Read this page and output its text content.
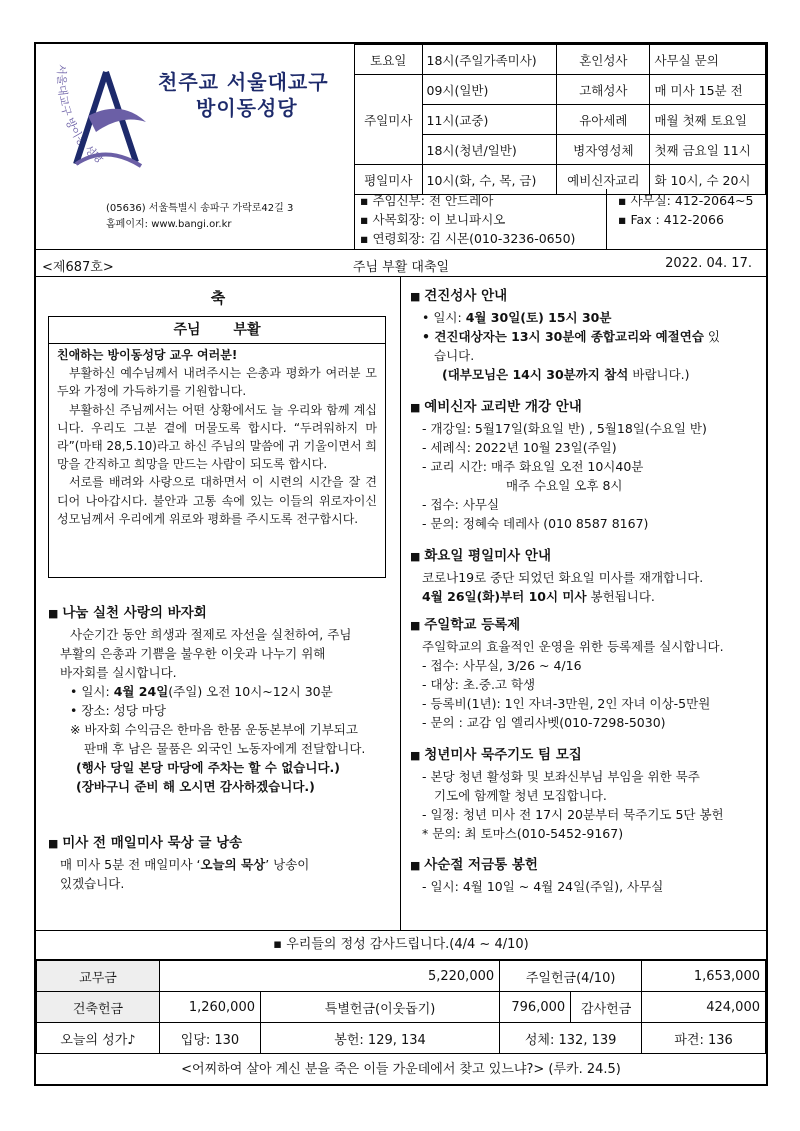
서울대교구 방이동 성당
천주교 서울대교구
방이동성당
(05636) 서울특별시 송파구 가락로42길 3
홈페이지: www.bangi.or.kr
토요일	18시(주일가족미사)	혼인성사	사무실 문의
주일미사	09시(일반)	고해성사	매 미사 15분 전
	11시(교중)	유아세례	매월 첫째 토요일
	18시(청년/일반)	병자영성체	첫째 금요일 11시
평일미사	10시(화, 수, 목, 금)	예비신자교리	화 10시, 수 20시
▪ 주임신부: 전 안드레아
▪ 사목회장: 이 보니파시오
▪ 연령회장: 김 시몬(010-3236-0650)
▪ 사무실: 412-2064~5
▪ Fax : 412-2066
<제687호>	주님 부활 대축일	2022. 04. 17.
축
주님 부활

친애하는 방이동성당 교우 여러분!

부활하신 예수님께서 내려주시는 은총과 평화가 여러분 모두와 가정에 가득하기를 기원합니다.

부활하신 주님께서는 어떤 상황에서도 늘 우리와 함께 계십니다. 우리도 그분 곁에 머물도록 합시다. “두려워하지 마라”(마태 28,5.10)라고 하신 주님의 말씀에 귀 기울이면서 희망을 간직하고 희망을 만드는 사람이 되도록 합시다.

서로를 배려와 사랑으로 대하면서 이 시련의 시간을 잘 견디어 나아갑시다. 불안과 고통 속에 있는 이들의 위로자이신 성모님께서 우리에게 위로와 평화를 주시도록 전구합시다.

■ 나눔 실천 사랑의 바자회
사순기간 동안 희생과 절제로 자선을 실천하여, 주님
부활의 은총과 기쁨을 불우한 이웃과 나누기 위해
바자회를 실시합니다.
• 일시: 4월 24일(주일) 오전 10시~12시 30분
• 장소: 성당 마당
※ 바자회 수익금은 한마음 한몸 운동본부에 기부되고
판매 후 남은 물품은 외국인 노동자에게 전달합니다.
(행사 당일 본당 마당에 주차는 할 수 없습니다.)
(장바구니 준비 해 오시면 감사하겠습니다.)
■ 미사 전 매일미사 묵상 글 낭송
매 미사 5분 전 매일미사 ‘오늘의 묵상’ 낭송이
있겠습니다.
■ 견진성사 안내
• 일시: 4월 30일(토) 15시 30분
• 견진대상자는 13시 30분에 종합교리와 예절연습 있
습니다.
(대부모님은 14시 30분까지 참석 바랍니다.)
■ 예비신자 교리반 개강 안내
- 개강일: 5월17일(화요일 반) , 5월18일(수요일 반)
- 세례식: 2022년 10월 23일(주일)
- 교리 시간: 매주 화요일 오전 10시40분
매주 수요일 오후 8시
- 접수: 사무실
- 문의: 정혜숙 데레사 (010 8587 8167)
■ 화요일 평일미사 안내
코로나19로 중단 되었던 화요일 미사를 재개합니다.
4월 26일(화)부터 10시 미사 봉헌됩니다.
■ 주일학교 등록제
주일학교의 효율적인 운영을 위한 등록제를 실시합니다.
- 접수: 사무실, 3/26 ~ 4/16
- 대상: 초.중.고 학생
- 등록비(1년): 1인 자녀-3만원, 2인 자녀 이상-5만원
- 문의 : 교감 임 엘리사벳(010-7298-5030)
■ 청년미사 묵주기도 팀 모집
- 본당 청년 활성화 및 보좌신부님 부임을 위한 묵주
기도에 함께할 청년 모집합니다.
- 일정: 청년 미사 전 17시 20분부터 묵주기도 5단 봉헌
* 문의: 최 토마스(010-5452-9167)
■ 사순절 저금통 봉헌
- 일시: 4월 10일 ~ 4월 24일(주일), 사무실
▪ 우리들의 정성 감사드립니다.(4/4 ~ 4/10)
교무금	5,220,000		주일헌금(4/10)		1,653,000
건축헌금	1,260,000	특별헌금(이웃돕기)	796,000	감사헌금	424,000
오늘의 성가♪	입당: 130	봉헌: 129, 134	성체: 132, 139		파견: 136
<어찌하여 살아 계신 분을 죽은 이들 가운데에서 찾고 있느냐?> (루카. 24.5)
